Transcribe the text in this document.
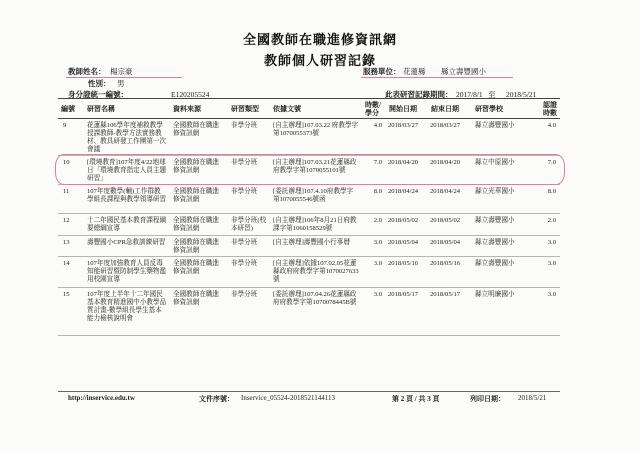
全國教師在職進修資訊網
教師個人研習記錄
教師姓名： 楊宗豪	服務單位： 花蓮縣 縣立壽豐國小
性別： 男
身分證統一編號：	E120205524	此表研習記錄期間： 2017/8/1 至 2018/5/21
編號	研習名稱	資料來源	研習類型	依據文號	時數/學分	開始日期	結束日期	研習學校	認證時數
9	花蓮縣106學年度補救教學授課教師-教學方法實務教材、教具研發工作團第一次會議	全國教師在職進修資訊網	非學分班	[自主辦理]107.03.22 府教學字第1070055373號	4.0	2018/03/27	2018/03/27	縣立壽豐國小	4.0
10	[環境教育]107年度4/22地球日「環境教育指定人員主題研習」	全國教師在職進修資訊網	非學分班	[自主辦理]107.03.21花蓮縣政府教學字第1070055101號	7.0	2018/04/20	2018/04/20	縣立中原國小	7.0
11	107年度數學(輔)工作群教學組長課程與教學領導研習	全國教師在職進修資訊網	非學分班	[委託辦理]107.4.10府教學字第1070055546號函	8.0	2018/04/24	2018/04/24	縣立光華國小	8.0
12	十二年國民基本教育課程綱要總綱宣導	全國教師在職進修資訊網	非學分班(校本研習)	[自主辦理]106年8月21日府教課字第1060158529號	2.0	2018/05/02	2018/05/02	縣立壽豐國小	2.0
13	壽豐國小CPR急救訓練研習	全國教師在職進修資訊網	非學分班	[自主辦理]壽豐國小行事曆	3.0	2018/05/04	2018/05/04	縣立壽豐國小	3.0
14	107年度加強教育人員反毒知能研習暨防制學生藥物濫用校園宣導	全國教師在職進修資訊網	非學分班	[自主辦理]依據107.02.05花蓮縣政府府教學字第1070027633號	3.0	2018/05/16	2018/05/16	縣立壽豐國小	3.0
15	107年度上半年十二年國民基本教育精進國中小教學品質計畫-數學組長學生基本能力檢核說明會	全國教師在職進修資訊網	非學分班	[委託辦理]107.04.26花蓮縣政府府教學字第1070078445B號	3.0	2018/05/17	2018/05/17	縣立明廉國小	3.0
http://inservice.edu.tw	文件序號： Inservice_05524-2018521144113	第 2 頁 / 共 3 頁	列印日期： 2018/5/21
